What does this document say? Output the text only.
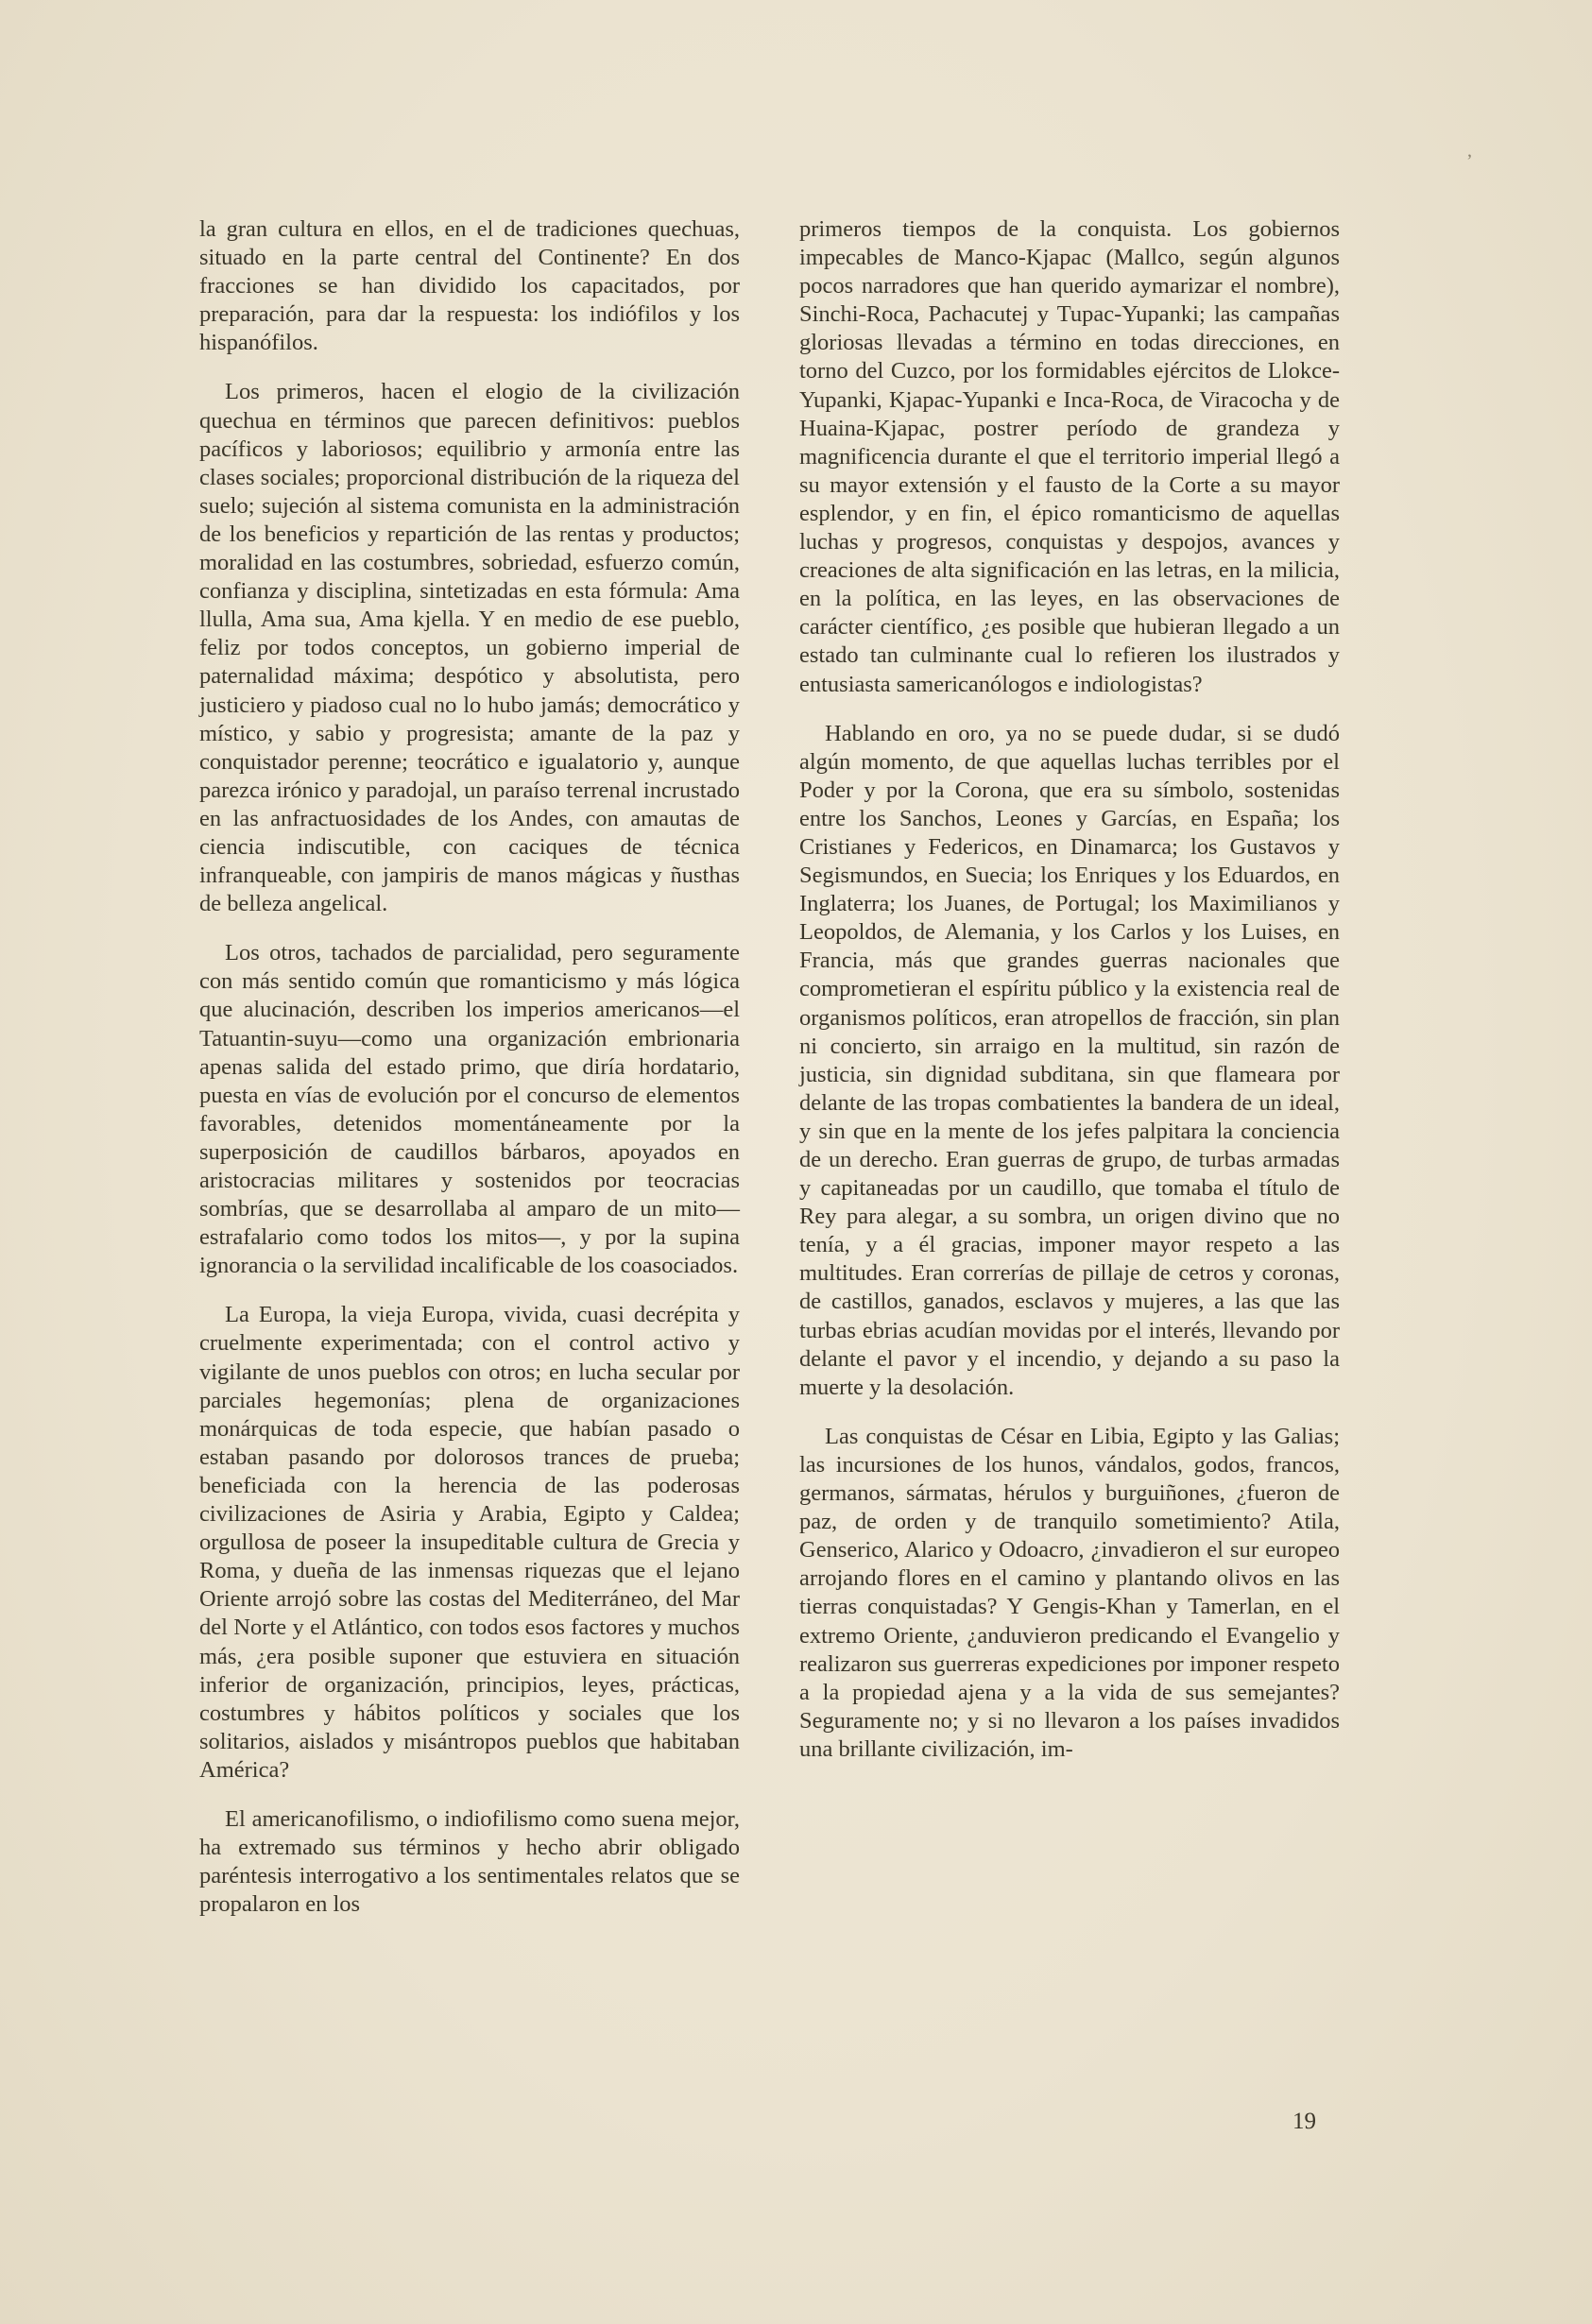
ʼ

la gran cultura en ellos, en el de tradiciones quechuas, situado en la parte central del Continente? En dos fracciones se han dividido los capacitados, por preparación, para dar la respuesta: los indiófilos y los hispanófilos.

Los primeros, hacen el elogio de la civilización quechua en términos que parecen definitivos: pueblos pacíficos y laboriosos; equilibrio y armonía entre las clases sociales; proporcional distribución de la riqueza del suelo; sujeción al sistema comunista en la administración de los beneficios y repartición de las rentas y productos; moralidad en las costumbres, sobriedad, esfuerzo común, confianza y disciplina, sintetizadas en esta fórmula: Ama llulla, Ama sua, Ama kjella. Y en medio de ese pueblo, feliz por todos conceptos, un gobierno imperial de paternalidad máxima; despótico y absolutista, pero justiciero y piadoso cual no lo hubo jamás; democrático y místico, y sabio y progresista; amante de la paz y conquistador perenne; teocrático e igualatorio y, aunque parezca irónico y paradojal, un paraíso terrenal incrustado en las anfractuosidades de los Andes, con amautas de ciencia indiscutible, con caciques de técnica infranqueable, con jampiris de manos mágicas y ñusthas de belleza angelical.

Los otros, tachados de parcialidad, pero seguramente con más sentido común que romanticismo y más lógica que alucinación, describen los imperios americanos—el Tatuantin-suyu—como una organización embrionaria apenas salida del estado primo, que diría hordatario, puesta en vías de evolución por el concurso de elementos favorables, detenidos momentáneamente por la superposición de caudillos bárbaros, apoyados en aristocracias militares y sostenidos por teocracias sombrías, que se desarrollaba al amparo de un mito—estrafalario como todos los mitos—, y por la supina ignorancia o la servilidad incalificable de los coasociados.

La Europa, la vieja Europa, vivida, cuasi decrépita y cruelmente experimentada; con el control activo y vigilante de unos pueblos con otros; en lucha secular por parciales hegemonías; plena de organizaciones monárquicas de toda especie, que habían pasado o estaban pasando por dolorosos trances de prueba; beneficiada con la herencia de las poderosas civilizaciones de Asiria y Arabia, Egipto y Caldea; orgullosa de poseer la insupeditable cultura de Grecia y Roma, y dueña de las inmensas riquezas que el lejano Oriente arrojó sobre las costas del Mediterráneo, del Mar del Norte y el Atlántico, con todos esos factores y muchos más, ¿era posible suponer que estuviera en situación inferior de organización, principios, leyes, prácticas, costumbres y hábitos políticos y sociales que los solitarios, aislados y misántropos pueblos que habitaban América?

El americanofilismo, o indiofilismo como suena mejor, ha extremado sus términos y hecho abrir obligado paréntesis interrogativo a los sentimentales relatos que se propalaron en los

primeros tiempos de la conquista. Los gobiernos impecables de Manco-Kjapac (Mallco, según algunos pocos narradores que han querido aymarizar el nombre), Sinchi-Roca, Pachacutej y Tupac-Yupanki; las campañas gloriosas llevadas a término en todas direcciones, en torno del Cuzco, por los formidables ejércitos de Llokce-Yupanki, Kjapac-Yupanki e Inca-Roca, de Viracocha y de Huaina-Kjapac, postrer período de grandeza y magnificencia durante el que el territorio imperial llegó a su mayor extensión y el fausto de la Corte a su mayor esplendor, y en fin, el épico romanticismo de aquellas luchas y progresos, conquistas y despojos, avances y creaciones de alta significación en las letras, en la milicia, en la política, en las leyes, en las observaciones de carácter científico, ¿es posible que hubieran llegado a un estado tan culminante cual lo refieren los ilustrados y entusiasta samericanólogos e indiologistas?

Hablando en oro, ya no se puede dudar, si se dudó algún momento, de que aquellas luchas terribles por el Poder y por la Corona, que era su símbolo, sostenidas entre los Sanchos, Leones y Garcías, en España; los Cristianes y Federicos, en Dinamarca; los Gustavos y Segismundos, en Suecia; los Enriques y los Eduardos, en Inglaterra; los Juanes, de Portugal; los Maximilianos y Leopoldos, de Alemania, y los Carlos y los Luises, en Francia, más que grandes guerras nacionales que comprometieran el espíritu público y la existencia real de organismos políticos, eran atropellos de fracción, sin plan ni concierto, sin arraigo en la multitud, sin razón de justicia, sin dignidad subditana, sin que flameara por delante de las tropas combatientes la bandera de un ideal, y sin que en la mente de los jefes palpitara la conciencia de un derecho. Eran guerras de grupo, de turbas armadas y capitaneadas por un caudillo, que tomaba el título de Rey para alegar, a su sombra, un origen divino que no tenía, y a él gracias, imponer mayor respeto a las multitudes. Eran correrías de pillaje de cetros y coronas, de castillos, ganados, esclavos y mujeres, a las que las turbas ebrias acudían movidas por el interés, llevando por delante el pavor y el incendio, y dejando a su paso la muerte y la desolación.

Las conquistas de César en Libia, Egipto y las Galias; las incursiones de los hunos, vándalos, godos, francos, germanos, sármatas, hérulos y burguiñones, ¿fueron de paz, de orden y de tranquilo sometimiento? Atila, Genserico, Alarico y Odoacro, ¿invadieron el sur europeo arrojando flores en el camino y plantando olivos en las tierras conquistadas? Y Gengis-Khan y Tamerlan, en el extremo Oriente, ¿anduvieron predicando el Evangelio y realizaron sus guerreras expediciones por imponer respeto a la propiedad ajena y a la vida de sus semejantes? Seguramente no; y si no llevaron a los países invadidos una brillante civilización, im-

19
